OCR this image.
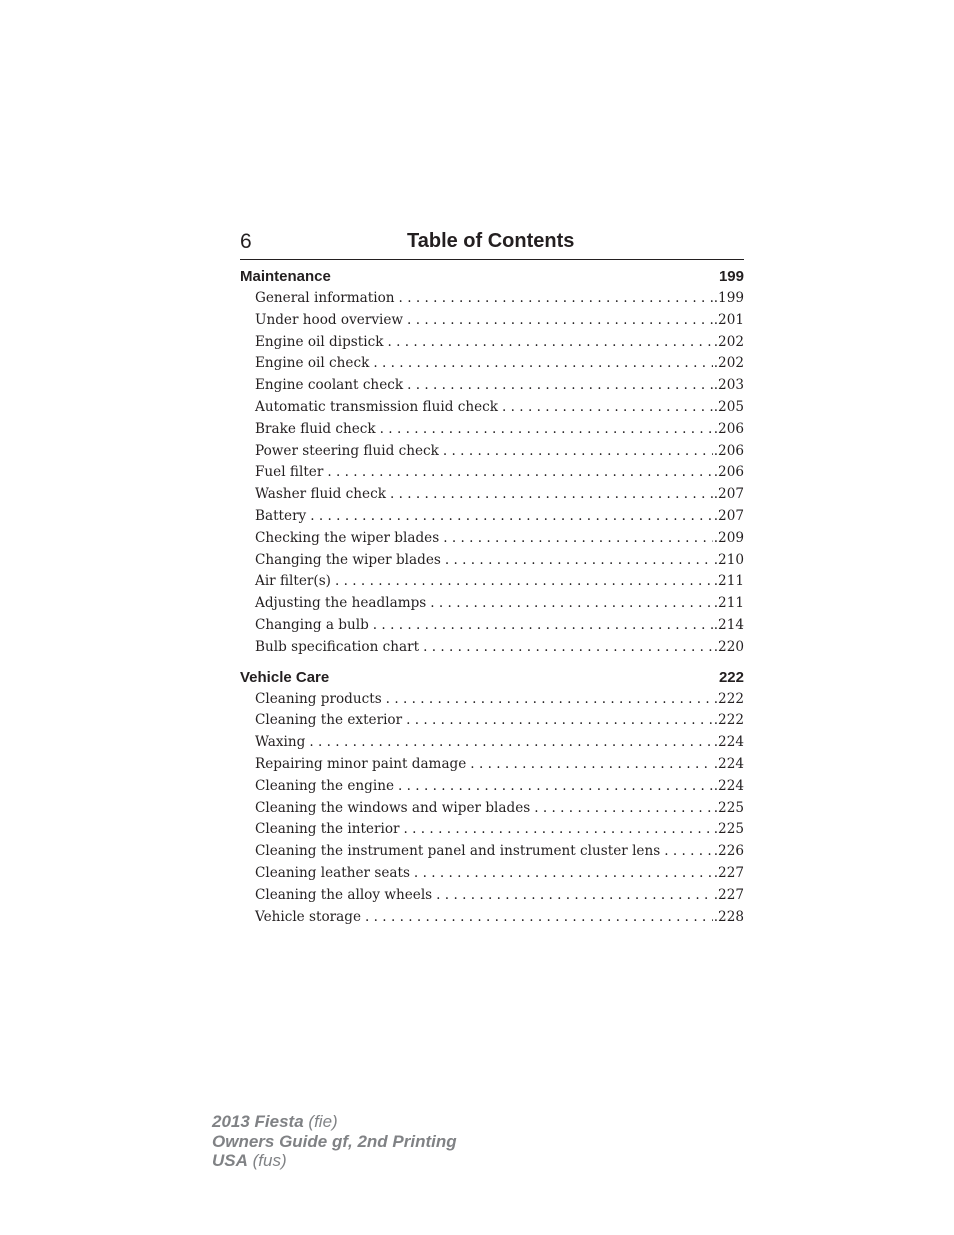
6	Table of Contents
Maintenance	199
General information . . .	.199
Under hood overview . . .	.201
Engine oil dipstick . . .	.202
Engine oil check . . .	.202
Engine coolant check . . .	.203
Automatic transmission fluid check . . .	.205
Brake fluid check . . .	.206
Power steering fluid check . . .	.206
Fuel filter . . .	.206
Washer fluid check . . .	.207
Battery . . .	.207
Checking the wiper blades . . .	.209
Changing the wiper blades . . .	.210
Air filter(s) . . .	.211
Adjusting the headlamps . . .	.211
Changing a bulb . . .	.214
Bulb specification chart . . .	.220
Vehicle Care	222
Cleaning products . . .	.222
Cleaning the exterior . . .	.222
Waxing . . .	.224
Repairing minor paint damage . . .	.224
Cleaning the engine . . .	.224
Cleaning the windows and wiper blades . . .	.225
Cleaning the interior . . .	.225
Cleaning the instrument panel and instrument cluster lens . . .	.226
Cleaning leather seats . . .	.227
Cleaning the alloy wheels . . .	.227
Vehicle storage . . .	.228
2013 Fiesta (fie)
Owners Guide gf, 2nd Printing
USA (fus)
